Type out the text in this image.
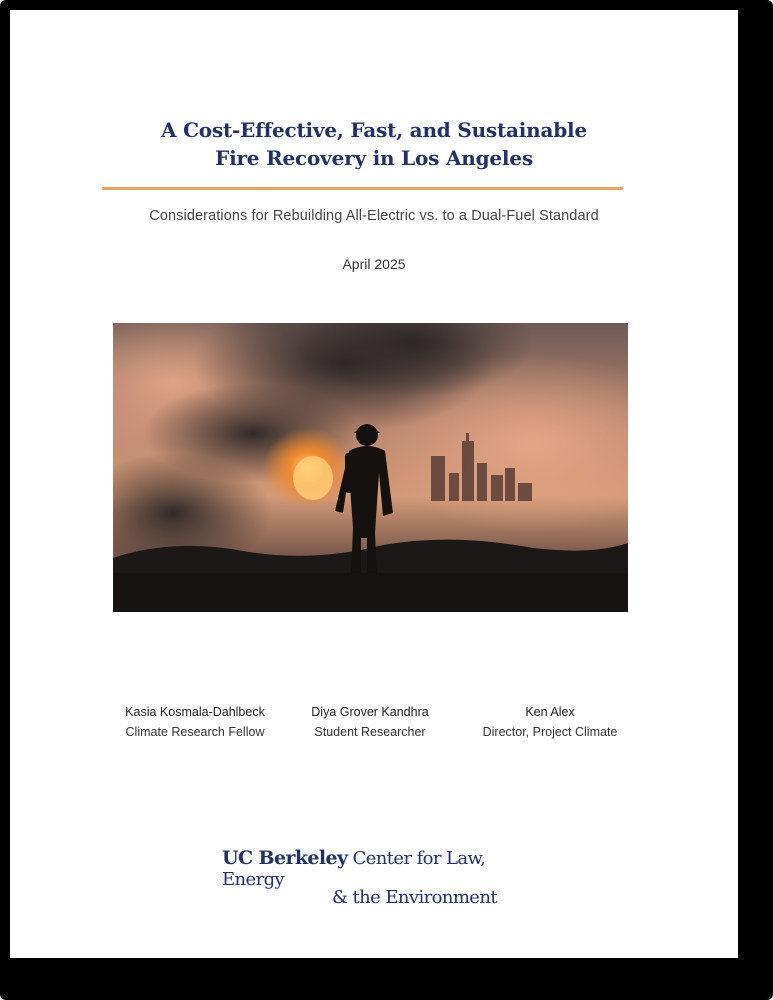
A Cost-Effective, Fast, and Sustainable
Fire Recovery in Los Angeles
Considerations for Rebuilding All-Electric vs. to a Dual-Fuel Standard
April 2025
Kasia Kosmala-Dahlbeck
Climate Research Fellow
Diya Grover Kandhra
Student Researcher
Ken Alex
Director, Project Climate
UC Berkeley Center for Law, Energy
& the Environment
